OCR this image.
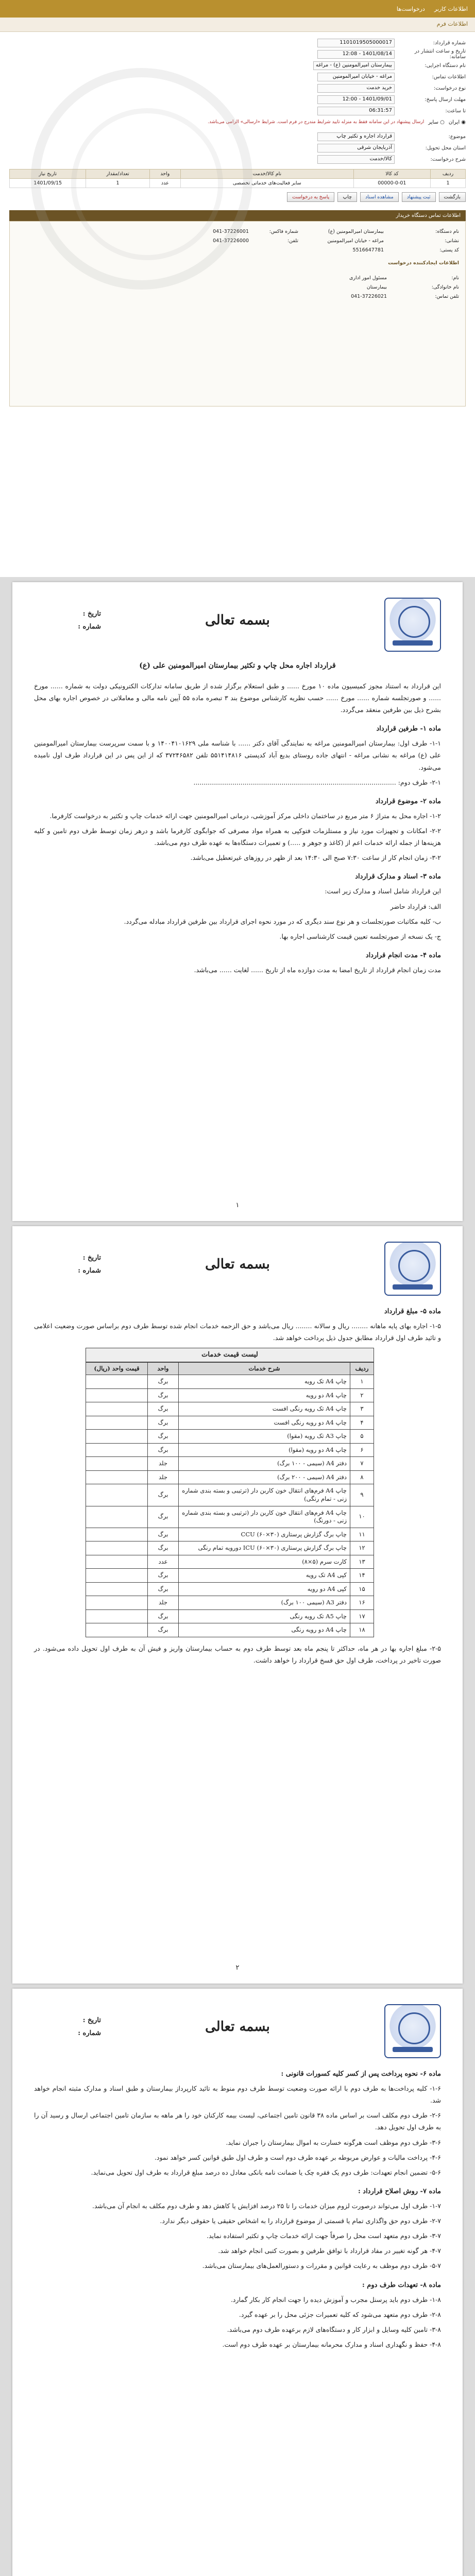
اطلاعات کاربر
درخواست‌ها
اطلاعات فرم
شماره قرارداد:
1101019505000017
تاریخ و ساعت انتشار در سامانه:
1401/08/14 - 12:08
نام دستگاه اجرایی:
بیمارستان امیرالمومنین (ع) - مراغه
اطلاعات تماس:
مراغه - خیابان امیرالمومنین
نوع درخواست:
خرید خدمت
مهلت ارسال پاسخ:
1401/09/01 - 12:00
تا ساعت:
06:31:57
◉ ایران
○ سایر
ارسال پیشنهاد در این سامانه فقط به منزله تایید شرایط مندرج در فرم است. شرایط «ارسالی» الزامی می‌باشد.
موضوع:
قرارداد اجاره و تکثیر چاپ
استان محل تحویل:
آذربایجان شرقی
شرح درخواست:
کالا/خدمت
ردیف	کد کالا	نام کالا/خدمت	واحد	تعداد/مقدار	تاریخ نیاز
1	00000-0-01	سایر فعالیت‌های خدماتی تخصصی	عدد	1	1401/09/15
بازگشت
ثبت پیشنهاد
مشاهده اسناد
چاپ
پاسخ به درخواست
اطلاعات تماس دستگاه خریدار
نام دستگاه:
بیمارستان امیرالمومنین (ع)
شماره فاکس:
041-37226001
نشانی:
مراغه - خیابان امیرالمومنین
تلفن:
041-37226000
کد پستی:
5516647781
اطلاعات ایجادکننده درخواست
نام:
مسئول امور اداری
نام خانوادگی:
بیمارستان
تلفن تماس:
041-37226021
بسمه تعالی
تاریخ :
شماره :
قرارداد اجاره محل چاپ و تکثیر بیمارستان امیرالمومنین علی (ع)

این قرارداد به استناد مجوز کمیسیون ماده ۱۰ مورخ ...... و طبق استعلام برگزار شده از طریق سامانه تدارکات الکترونیکی دولت به شماره ...... مورخ ...... و صورتجلسه شماره ...... مورخ ...... حسب نظریه کارشناس موضوع بند ۳ تبصره ماده ۵۵ آیین نامه مالی و معاملاتی در خصوص اجاره بهای محل بشرح ذیل بین طرفین منعقد می‌گردد.

ماده ۱- طرفین قرارداد

۱-۱- طرف اول: بیمارستان امیرالمومنین مراغه به نمایندگی آقای دکتر ...... با شناسه ملی ۱۴۰۰۴۱۰۱۶۲۹ و با سمت سرپرست بیمارستان امیرالمومنین علی (ع) مراغه به نشانی مراغه - انتهای جاده روستای بدیع آباد کدپستی ۵۵۱۴۱۴۸۱۶ تلفن ۳۷۲۴۶۵۸۲ که از این پس در این قرارداد طرف اول نامیده می‌شود.

۲-۱- طرف دوم: ...................................................................................................

ماده ۲- موضوع قرارداد

۱-۲- اجاره محل به متراژ ۶ متر مربع در ساختمان داخلی مرکز آموزشی، درمانی امیرالمومنین جهت ارائه خدمات چاپ و تکثیر به درخواست کارفرما.

۲-۲- امکانات و تجهیزات مورد نیاز و مستلزمات فتوکپی به همراه مواد مصرفی که جوابگوی کارفرما باشد و درهر زمان توسط طرف دوم تامین و کلیه هزینه‌ها از جمله ارائه خدمات اعم از (کاغذ و جوهر و .....) و تعمیرات دستگاه‌ها به عهده طرف دوم می‌باشد.

۳-۲- زمان انجام کار از ساعت ۷:۳۰ صبح الی ۱۴:۳۰ بعد از ظهر در روزهای غیرتعطیل می‌باشد.

ماده ۳- اسناد و مدارک قرارداد

این قرارداد شامل اسناد و مدارک زیر است:

الف: قرارداد حاضر

ب- کلیه مکاتبات صورتجلسات و هر نوع سند دیگری که در مورد نحوه اجرای قرارداد بین طرفین قرارداد مبادله می‌گردد.

ج- یک نسخه از صورتجلسه تعیین قیمت کارشناسی اجاره بها.

ماده ۴- مدت انجام قرارداد

مدت زمان انجام قرارداد از تاریخ امضا به مدت دوازده ماه از تاریخ ...... لغایت ...... می‌باشد.

۱
بسمه تعالی
تاریخ :
شماره :
ماده ۵- مبلغ قرارداد

۱-۵- اجاره بهای پایه ماهانه ........ ریال و سالانه ........ ریال می‌باشد و حق الزحمه خدمات انجام شده توسط طرف دوم براساس صورت وضعیت اعلامی و تائید طرف اول قرارداد مطابق جدول ذیل پرداخت خواهد شد.

لیست قیمت خدمات
ردیف	شرح خدمات	واحد	قیمت واحد (ریال)
۱	چاپ A4 تک رویه	برگ	
۲	چاپ A4 دو رویه	برگ	
۳	چاپ A4 تک رویه رنگی افست	برگ	
۴	چاپ A4 دو رویه رنگی افست	برگ	
۵	چاپ A3 تک رویه (مقوا)	برگ	
۶	چاپ A4 دو رویه (مقوا)	برگ	
۷	دفتر A4 (سیمی - ۱۰۰ برگ)	جلد	
۸	دفتر A4 (سیمی - ۲۰۰ برگ)	جلد	
۹	چاپ A4 فرم‌های انتقال خون کاربن دار (ترتیبی و بسته بندی شماره زنی - تمام رنگی)	برگ	
۱۰	چاپ A4 فرم‌های انتقال خون کاربن دار (ترتیبی و بسته بندی شماره زنی - دورنگ)	برگ	
۱۱	چاپ برگ گزارش پرستاری CCU (۶۰×۳۰)	برگ	
۱۲	چاپ برگ گزارش پرستاری ICU (۶۰×۳۰) دورویه تمام رنگی	برگ	
۱۳	کارت سرم (۵×۸)	عدد	
۱۴	کپی A4 تک رویه	برگ	
۱۵	کپی A4 دو رویه	برگ	
۱۶	دفتر A3 (سیمی ۱۰۰ برگ)	جلد	
۱۷	چاپ A5 تک رویه رنگی	برگ	
۱۸	چاپ A4 دو رویه رنگی	برگ	

۲-۵- مبلغ اجاره بها در هر ماه، حداکثر تا پنجم ماه بعد توسط طرف دوم به حساب بیمارستان واریز و فیش آن به طرف اول تحویل داده می‌شود. در صورت تاخیر در پرداخت، طرف اول حق فسخ قرارداد را خواهد داشت.

۲
بسمه تعالی
تاریخ :
شماره :
ماده ۶- نحوه پرداخت پس از کسر کلیه کسورات قانونی :

۱-۶- کلیه پرداخت‌ها به طرف دوم با ارائه صورت وضعیت توسط طرف دوم منوط به تائید کارپرداز بیمارستان و طبق اسناد و مدارک مثبته انجام خواهد شد.

۲-۶- طرف دوم مکلف است بر اساس ماده ۳۸ قانون تامین اجتماعی، لیست بیمه کارکنان خود را هر ماهه به سازمان تامین اجتماعی ارسال و رسید آن را به طرف اول تحویل دهد.

۳-۶- طرف دوم موظف است هرگونه خسارت به اموال بیمارستان را جبران نماید.

۴-۶- پرداخت مالیات و عوارض مربوطه بر عهده طرف دوم است و طرف اول طبق قوانین کسر خواهد نمود.

۵-۶- تضمین انجام تعهدات: طرف دوم یک فقره چک یا ضمانت نامه بانکی معادل ده درصد مبلغ قرارداد به طرف اول تحویل می‌نماید.

ماده ۷- روش اصلاح قرارداد :

۱-۷- طرف اول می‌تواند درصورت لزوم میزان خدمات را تا ۲۵ درصد افزایش یا کاهش دهد و طرف دوم مکلف به انجام آن می‌باشد.

۲-۷- طرف دوم حق واگذاری تمام یا قسمتی از موضوع قرارداد را به اشخاص حقیقی یا حقوقی دیگر ندارد.

۳-۷- طرف دوم متعهد است محل را صرفاً جهت ارائه خدمات چاپ و تکثیر استفاده نماید.

۴-۷- هر گونه تغییر در مفاد قرارداد با توافق طرفین و بصورت کتبی انجام خواهد شد.

۵-۷- طرف دوم موظف به رعایت قوانین و مقررات و دستورالعمل‌های بیمارستان می‌باشد.

ماده ۸- تعهدات طرف دوم :

۱-۸- طرف دوم باید پرسنل مجرب و آموزش دیده را جهت انجام کار بکار گمارد.

۲-۸- طرف دوم متعهد می‌شود که کلیه تعمیرات جزئی محل را بر عهده گیرد.

۳-۸- تامین کلیه وسایل و ابزار کار و دستگاه‌های لازم برعهده طرف دوم می‌باشد.

۴-۸- حفظ و نگهداری اسناد و مدارک محرمانه بیمارستان بر عهده طرف دوم است.
